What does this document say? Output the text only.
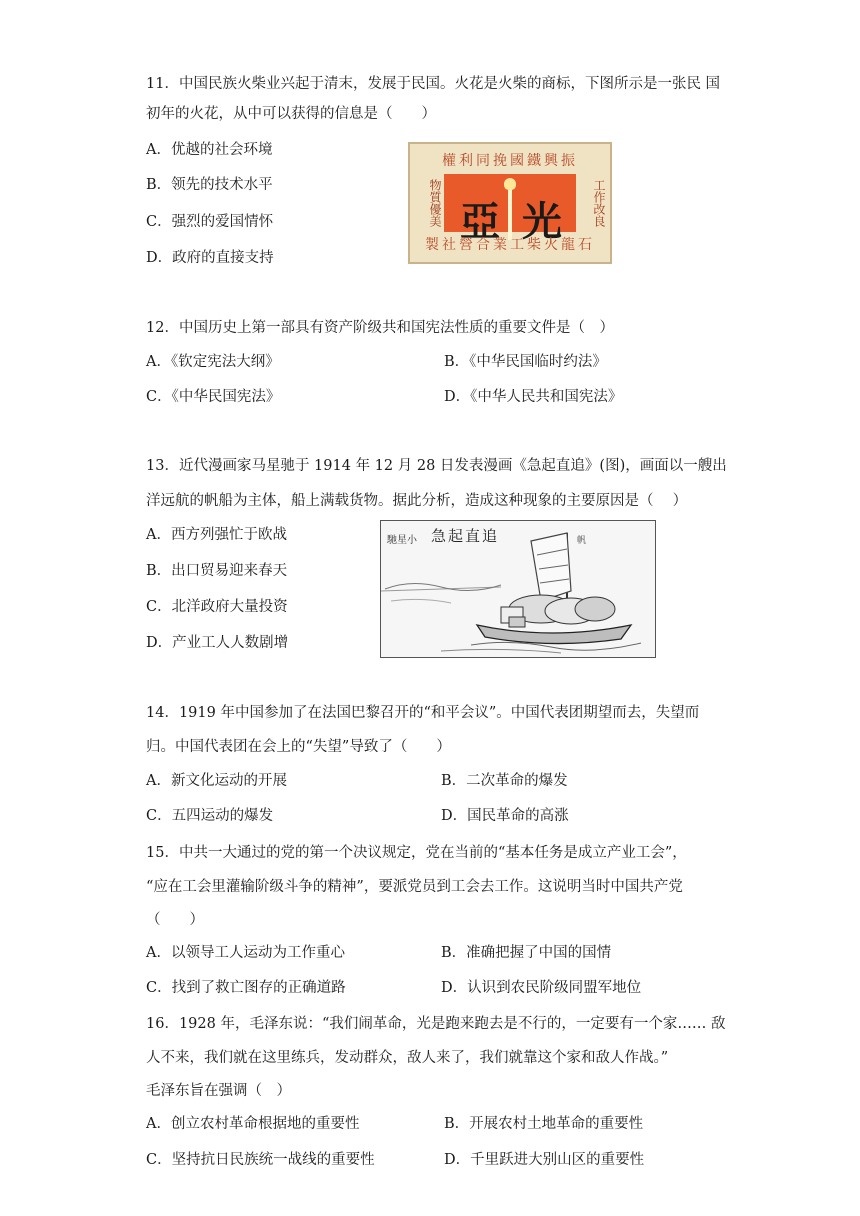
11．中国民族火柴业兴起于清末，发展于民国。火花是火柴的商标，下图所示是一张民 国
初年的火花，从中可以获得的信息是（　　）
A．优越的社会环境
B．领先的技术水平
C．强烈的爱国情怀
D．政府的直接支持
權利同挽國鐵興振
物質優美	工作改良
亞 光
製社營合業工柴火龍石
12．中国历史上第一部具有资产阶级共和国宪法性质的重要文件是（　）
A．《钦定宪法大纲》	B．《中华民国临时约法》
C．《中华民国宪法》	D．《中华人民共和国宪法》
13．近代漫画家马星驰于 1914 年 12 月 28 日发表漫画《急起直追》(图)，画面以一艘出
洋远航的帆船为主体，船上满载货物。据此分析，造成这种现象的主要原因是（　 ）
A．西方列强忙于欧战
B．出口贸易迎来春天
C．北洋政府大量投资
D．产业工人人数剧增
馳星小 急起直追	帆
14．1919 年中国参加了在法国巴黎召开的“和平会议”。中国代表团期望而去，失望而
归。中国代表团在会上的“失望”导致了（　　）
A．新文化运动的开展	B．二次革命的爆发
C．五四运动的爆发	D．国民革命的高涨
15．中共一大通过的党的第一个决议规定，党在当前的“基本任务是成立产业工会”，
“应在工会里灌输阶级斗争的精神”，要派党员到工会去工作。这说明当时中国共产党
（　　）
A．以领导工人运动为工作重心	B．准确把握了中国的国情
C．找到了救亡图存的正确道路	D．认识到农民阶级同盟军地位
16．1928 年，毛泽东说：“我们闹革命，光是跑来跑去是不行的，一定要有一个家…… 敌
人不来，我们就在这里练兵，发动群众，敌人来了，我们就靠这个家和敌人作战。”
毛泽东旨在强调（　）
A．创立农村革命根据地的重要性	B．开展农村土地革命的重要性
C．坚持抗日民族统一战线的重要性	D．千里跃进大别山区的重要性
